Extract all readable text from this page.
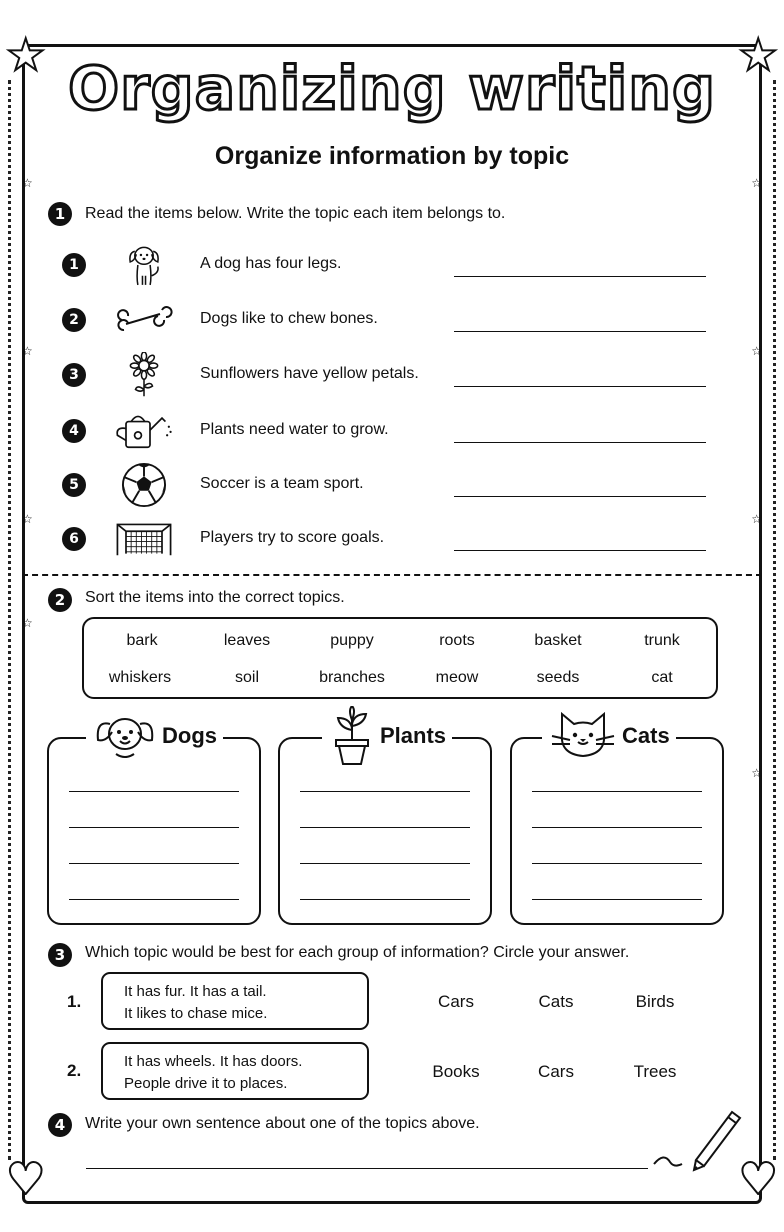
★	★
♥	♥
☆
☆
☆
☆
☆
☆
☆
☆
Organizing writing
Organize information by topic
1	Read the items below. Write the topic each item belongs to.
1	A dog has four legs.
2	Dogs like to chew bones.
3	Sunflowers have yellow petals.
4	Plants need water to grow.
5	Soccer is a team sport.
6	Players try to score goals.
2	Sort the items into the correct topics.
bark	leaves	puppy	roots	basket	trunk
whiskers	soil	branches	meow	seeds	cat
Dogs	Plants	Cats
3	Which topic would be best for each group of information? Circle your answer.
1.
It has fur. It has a tail.
It likes to chase mice.
Cars	Cats	Birds
2.	It has wheels. It has doors.
People drive it to places.
Books	Cars	Trees
4	Write your own sentence about one of the topics above.
